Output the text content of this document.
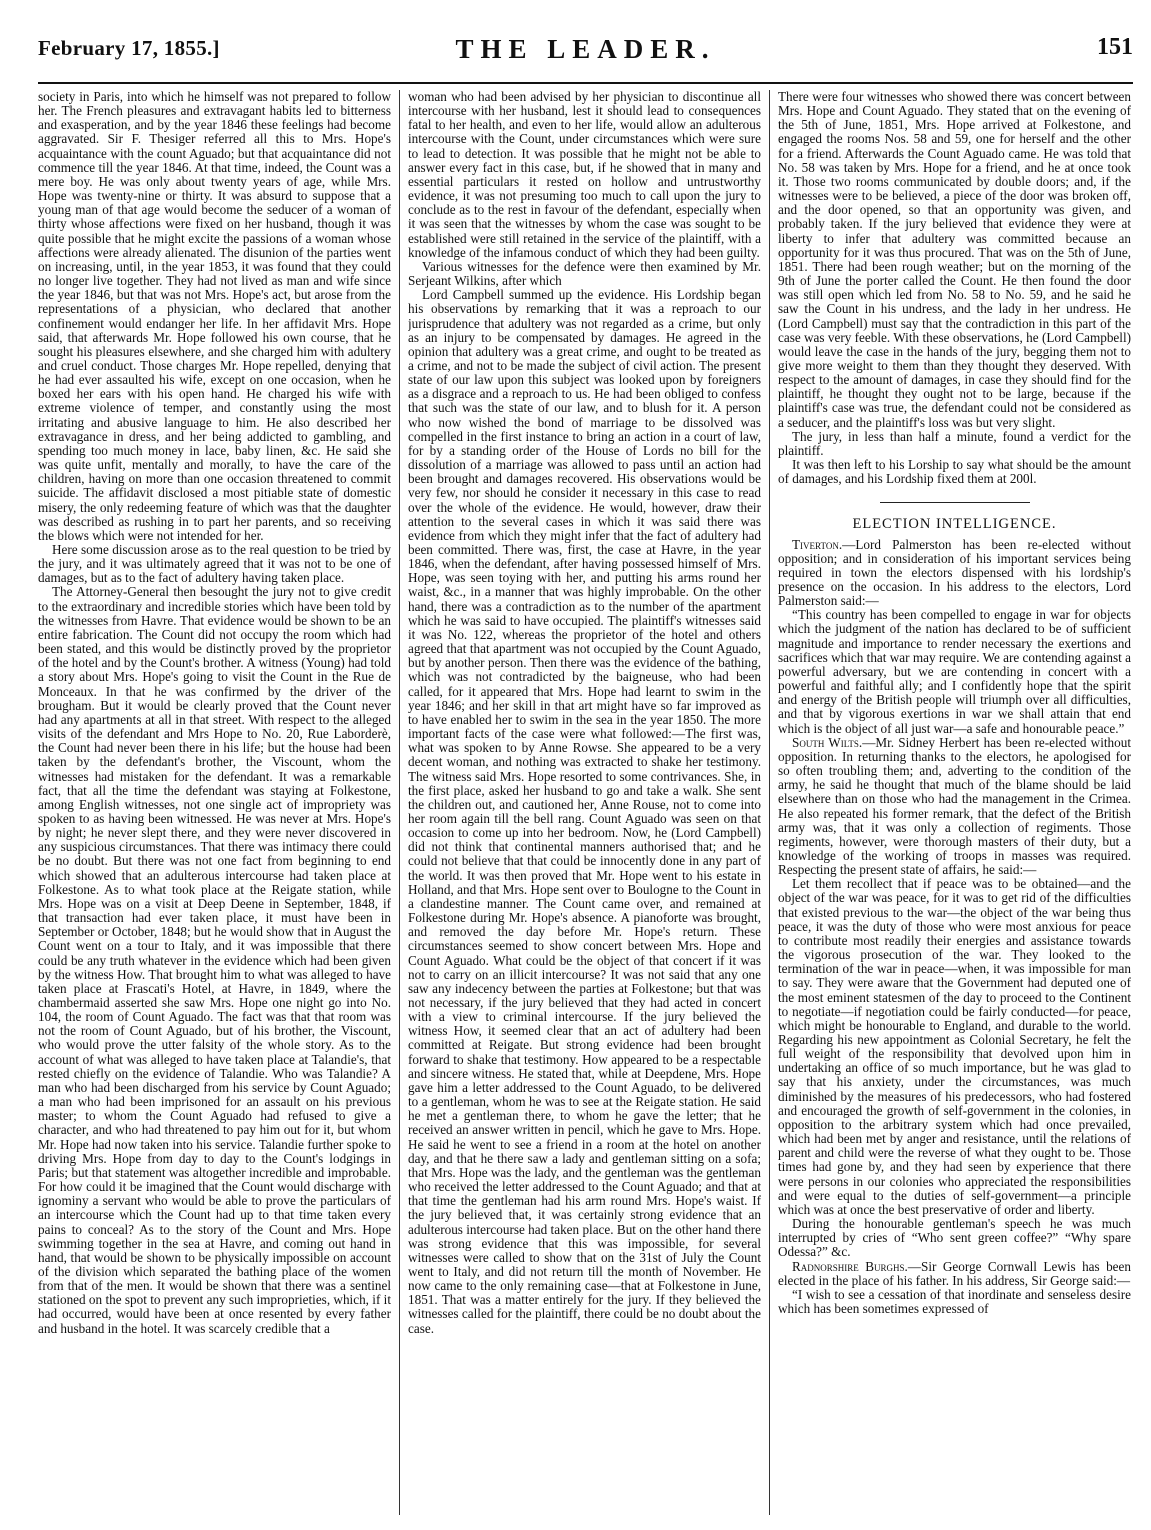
February 17, 1855.]	THE LEADER.	151

society in Paris, into which he himself was not prepared to follow her. The French pleasures and extravagant habits led to bitterness and exasperation, and by the year 1846 these feelings had become aggravated. Sir F. Thesiger referred all this to Mrs. Hope's acquaintance with the count Aguado; but that acquaintance did not commence till the year 1846. At that time, indeed, the Count was a mere boy. He was only about twenty years of age, while Mrs. Hope was twenty-nine or thirty. It was absurd to suppose that a young man of that age would become the seducer of a woman of thirty whose affections were fixed on her husband, though it was quite possible that he might excite the passions of a woman whose affections were already alienated. The disunion of the parties went on increasing, until, in the year 1853, it was found that they could no longer live together. They had not lived as man and wife since the year 1846, but that was not Mrs. Hope's act, but arose from the representations of a physician, who declared that another confinement would endanger her life. In her affidavit Mrs. Hope said, that afterwards Mr. Hope followed his own course, that he sought his pleasures elsewhere, and she charged him with adultery and cruel conduct. Those charges Mr. Hope repelled, denying that he had ever assaulted his wife, except on one occasion, when he boxed her ears with his open hand. He charged his wife with extreme violence of temper, and constantly using the most irritating and abusive language to him. He also described her extravagance in dress, and her being addicted to gambling, and spending too much money in lace, baby linen, &c. He said she was quite unfit, mentally and morally, to have the care of the children, having on more than one occasion threatened to commit suicide. The affidavit disclosed a most pitiable state of domestic misery, the only redeeming feature of which was that the daughter was described as rushing in to part her parents, and so receiving the blows which were not intended for her.

Here some discussion arose as to the real question to be tried by the jury, and it was ultimately agreed that it was not to be one of damages, but as to the fact of adultery having taken place.

The Attorney-General then besought the jury not to give credit to the extraordinary and incredible stories which have been told by the witnesses from Havre. That evidence would be shown to be an entire fabrication. The Count did not occupy the room which had been stated, and this would be distinctly proved by the proprietor of the hotel and by the Count's brother. A witness (Young) had told a story about Mrs. Hope's going to visit the Count in the Rue de Monceaux. In that he was confirmed by the driver of the brougham. But it would be clearly proved that the Count never had any apartments at all in that street. With respect to the alleged visits of the defendant and Mrs Hope to No. 20, Rue Laborderè, the Count had never been there in his life; but the house had been taken by the defendant's brother, the Viscount, whom the witnesses had mistaken for the defendant. It was a remarkable fact, that all the time the defendant was staying at Folkestone, among English witnesses, not one single act of impropriety was spoken to as having been witnessed. He was never at Mrs. Hope's by night; he never slept there, and they were never discovered in any suspicious circumstances. That there was intimacy there could be no doubt. But there was not one fact from beginning to end which showed that an adulterous intercourse had taken place at Folkestone. As to what took place at the Reigate station, while Mrs. Hope was on a visit at Deep Deene in September, 1848, if that transaction had ever taken place, it must have been in September or October, 1848; but he would show that in August the Count went on a tour to Italy, and it was impossible that there could be any truth whatever in the evidence which had been given by the witness How. That brought him to what was alleged to have taken place at Frascati's Hotel, at Havre, in 1849, where the chambermaid asserted she saw Mrs. Hope one night go into No. 104, the room of Count Aguado. The fact was that that room was not the room of Count Aguado, but of his brother, the Viscount, who would prove the utter falsity of the whole story. As to the account of what was alleged to have taken place at Talandie's, that rested chiefly on the evidence of Talandie. Who was Talandie? A man who had been discharged from his service by Count Aguado; a man who had been imprisoned for an assault on his previous master; to whom the Count Aguado had refused to give a character, and who had threatened to pay him out for it, but whom Mr. Hope had now taken into his service. Talandie further spoke to driving Mrs. Hope from day to day to the Count's lodgings in Paris; but that statement was altogether incredible and improbable. For how could it be imagined that the Count would discharge with ignominy a servant who would be able to prove the particulars of an intercourse which the Count had up to that time taken every pains to conceal? As to the story of the Count and Mrs. Hope swimming together in the sea at Havre, and coming out hand in hand, that would be shown to be physically impossible on account of the division which separated the bathing place of the women from that of the men. It would be shown that there was a sentinel stationed on the spot to prevent any such improprieties, which, if it had occurred, would have been at once resented by every father and husband in the hotel. It was scarcely credible that a

woman who had been advised by her physician to discontinue all intercourse with her husband, lest it should lead to consequences fatal to her health, and even to her life, would allow an adulterous intercourse with the Count, under circumstances which were sure to lead to detection. It was possible that he might not be able to answer every fact in this case, but, if he showed that in many and essential particulars it rested on hollow and untrustworthy evidence, it was not presuming too much to call upon the jury to conclude as to the rest in favour of the defendant, especially when it was seen that the witnesses by whom the case was sought to be established were still retained in the service of the plaintiff, with a knowledge of the infamous conduct of which they had been guilty.

Various witnesses for the defence were then examined by Mr. Serjeant Wilkins, after which

Lord Campbell summed up the evidence. His Lordship began his observations by remarking that it was a reproach to our jurisprudence that adultery was not regarded as a crime, but only as an injury to be compensated by damages. He agreed in the opinion that adultery was a great crime, and ought to be treated as a crime, and not to be made the subject of civil action. The present state of our law upon this subject was looked upon by foreigners as a disgrace and a reproach to us. He had been obliged to confess that such was the state of our law, and to blush for it. A person who now wished the bond of marriage to be dissolved was compelled in the first instance to bring an action in a court of law, for by a standing order of the House of Lords no bill for the dissolution of a marriage was allowed to pass until an action had been brought and damages recovered. His observations would be very few, nor should he consider it necessary in this case to read over the whole of the evidence. He would, however, draw their attention to the several cases in which it was said there was evidence from which they might infer that the fact of adultery had been committed. There was, first, the case at Havre, in the year 1846, when the defendant, after having possessed himself of Mrs. Hope, was seen toying with her, and putting his arms round her waist, &c., in a manner that was highly improbable. On the other hand, there was a contradiction as to the number of the apartment which he was said to have occupied. The plaintiff's witnesses said it was No. 122, whereas the proprietor of the hotel and others agreed that that apartment was not occupied by the Count Aguado, but by another person. Then there was the evidence of the bathing, which was not contradicted by the baigneuse, who had been called, for it appeared that Mrs. Hope had learnt to swim in the year 1846; and her skill in that art might have so far improved as to have enabled her to swim in the sea in the year 1850. The more important facts of the case were what followed:—The first was, what was spoken to by Anne Rowse. She appeared to be a very decent woman, and nothing was extracted to shake her testimony. The witness said Mrs. Hope resorted to some contrivances. She, in the first place, asked her husband to go and take a walk. She sent the children out, and cautioned her, Anne Rouse, not to come into her room again till the bell rang. Count Aguado was seen on that occasion to come up into her bedroom. Now, he (Lord Campbell) did not think that continental manners authorised that; and he could not believe that that could be innocently done in any part of the world. It was then proved that Mr. Hope went to his estate in Holland, and that Mrs. Hope sent over to Boulogne to the Count in a clandestine manner. The Count came over, and remained at Folkestone during Mr. Hope's absence. A pianoforte was brought, and removed the day before Mr. Hope's return. These circumstances seemed to show concert between Mrs. Hope and Count Aguado. What could be the object of that concert if it was not to carry on an illicit intercourse? It was not said that any one saw any indecency between the parties at Folkestone; but that was not necessary, if the jury believed that they had acted in concert with a view to criminal intercourse. If the jury believed the witness How, it seemed clear that an act of adultery had been committed at Reigate. But strong evidence had been brought forward to shake that testimony. How appeared to be a respectable and sincere witness. He stated that, while at Deepdene, Mrs. Hope gave him a letter addressed to the Count Aguado, to be delivered to a gentleman, whom he was to see at the Reigate station. He said he met a gentleman there, to whom he gave the letter; that he received an answer written in pencil, which he gave to Mrs. Hope. He said he went to see a friend in a room at the hotel on another day, and that he there saw a lady and gentleman sitting on a sofa; that Mrs. Hope was the lady, and the gentleman was the gentleman who received the letter addressed to the Count Aguado; and that at that time the gentleman had his arm round Mrs. Hope's waist. If the jury believed that, it was certainly strong evidence that an adulterous intercourse had taken place. But on the other hand there was strong evidence that this was impossible, for several witnesses were called to show that on the 31st of July the Count went to Italy, and did not return till the month of November. He now came to the only remaining case—that at Folkestone in June, 1851. That was a matter entirely for the jury. If they believed the witnesses called for the plaintiff, there could be no doubt about the case.

There were four witnesses who showed there was concert between Mrs. Hope and Count Aguado. They stated that on the evening of the 5th of June, 1851, Mrs. Hope arrived at Folkestone, and engaged the rooms Nos. 58 and 59, one for herself and the other for a friend. Afterwards the Count Aguado came. He was told that No. 58 was taken by Mrs. Hope for a friend, and he at once took it. Those two rooms communicated by double doors; and, if the witnesses were to be believed, a piece of the door was broken off, and the door opened, so that an opportunity was given, and probably taken. If the jury believed that evidence they were at liberty to infer that adultery was committed because an opportunity for it was thus procured. That was on the 5th of June, 1851. There had been rough weather; but on the morning of the 9th of June the porter called the Count. He then found the door was still open which led from No. 58 to No. 59, and he said he saw the Count in his undress, and the lady in her undress. He (Lord Campbell) must say that the contradiction in this part of the case was very feeble. With these observations, he (Lord Campbell) would leave the case in the hands of the jury, begging them not to give more weight to them than they thought they deserved. With respect to the amount of damages, in case they should find for the plaintiff, he thought they ought not to be large, because if the plaintiff's case was true, the defendant could not be considered as a seducer, and the plaintiff's loss was but very slight.

The jury, in less than half a minute, found a verdict for the plaintiff.

It was then left to his Lorship to say what should be the amount of damages, and his Lordship fixed them at 200l.

ELECTION INTELLIGENCE.

Tiverton.—Lord Palmerston has been re-elected without opposition; and in consideration of his important services being required in town the electors dispensed with his lordship's presence on the occasion. In his address to the electors, Lord Palmerston said:—

“This country has been compelled to engage in war for objects which the judgment of the nation has declared to be of sufficient magnitude and importance to render necessary the exertions and sacrifices which that war may require. We are contending against a powerful adversary, but we are contending in concert with a powerful and faithful ally; and I confidently hope that the spirit and energy of the British people will triumph over all difficulties, and that by vigorous exertions in war we shall attain that end which is the object of all just war—a safe and honourable peace.”

South Wilts.—Mr. Sidney Herbert has been re-elected without opposition. In returning thanks to the electors, he apologised for so often troubling them; and, adverting to the condition of the army, he said he thought that much of the blame should be laid elsewhere than on those who had the management in the Crimea. He also repeated his former remark, that the defect of the British army was, that it was only a collection of regiments. Those regiments, however, were thorough masters of their duty, but a knowledge of the working of troops in masses was required. Respecting the present state of affairs, he said:—

Let them recollect that if peace was to be obtained—and the object of the war was peace, for it was to get rid of the difficulties that existed previous to the war—the object of the war being thus peace, it was the duty of those who were most anxious for peace to contribute most readily their energies and assistance towards the vigorous prosecution of the war. They looked to the termination of the war in peace—when, it was impossible for man to say. They were aware that the Government had deputed one of the most eminent statesmen of the day to proceed to the Continent to negotiate—if negotiation could be fairly conducted—for peace, which might be honourable to England, and durable to the world. Regarding his new appointment as Colonial Secretary, he felt the full weight of the responsibility that devolved upon him in undertaking an office of so much importance, but he was glad to say that his anxiety, under the circumstances, was much diminished by the measures of his predecessors, who had fostered and encouraged the growth of self-government in the colonies, in opposition to the arbitrary system which had once prevailed, which had been met by anger and resistance, until the relations of parent and child were the reverse of what they ought to be. Those times had gone by, and they had seen by experience that there were persons in our colonies who appreciated the responsibilities and were equal to the duties of self-government—a principle which was at once the best preservative of order and liberty.

During the honourable gentleman's speech he was much interrupted by cries of “Who sent green coffee?” “Why spare Odessa?” &c.

Radnorshire Burghs.—Sir George Cornwall Lewis has been elected in the place of his father. In his address, Sir George said:—

“I wish to see a cessation of that inordinate and senseless desire which has been sometimes expressed of
